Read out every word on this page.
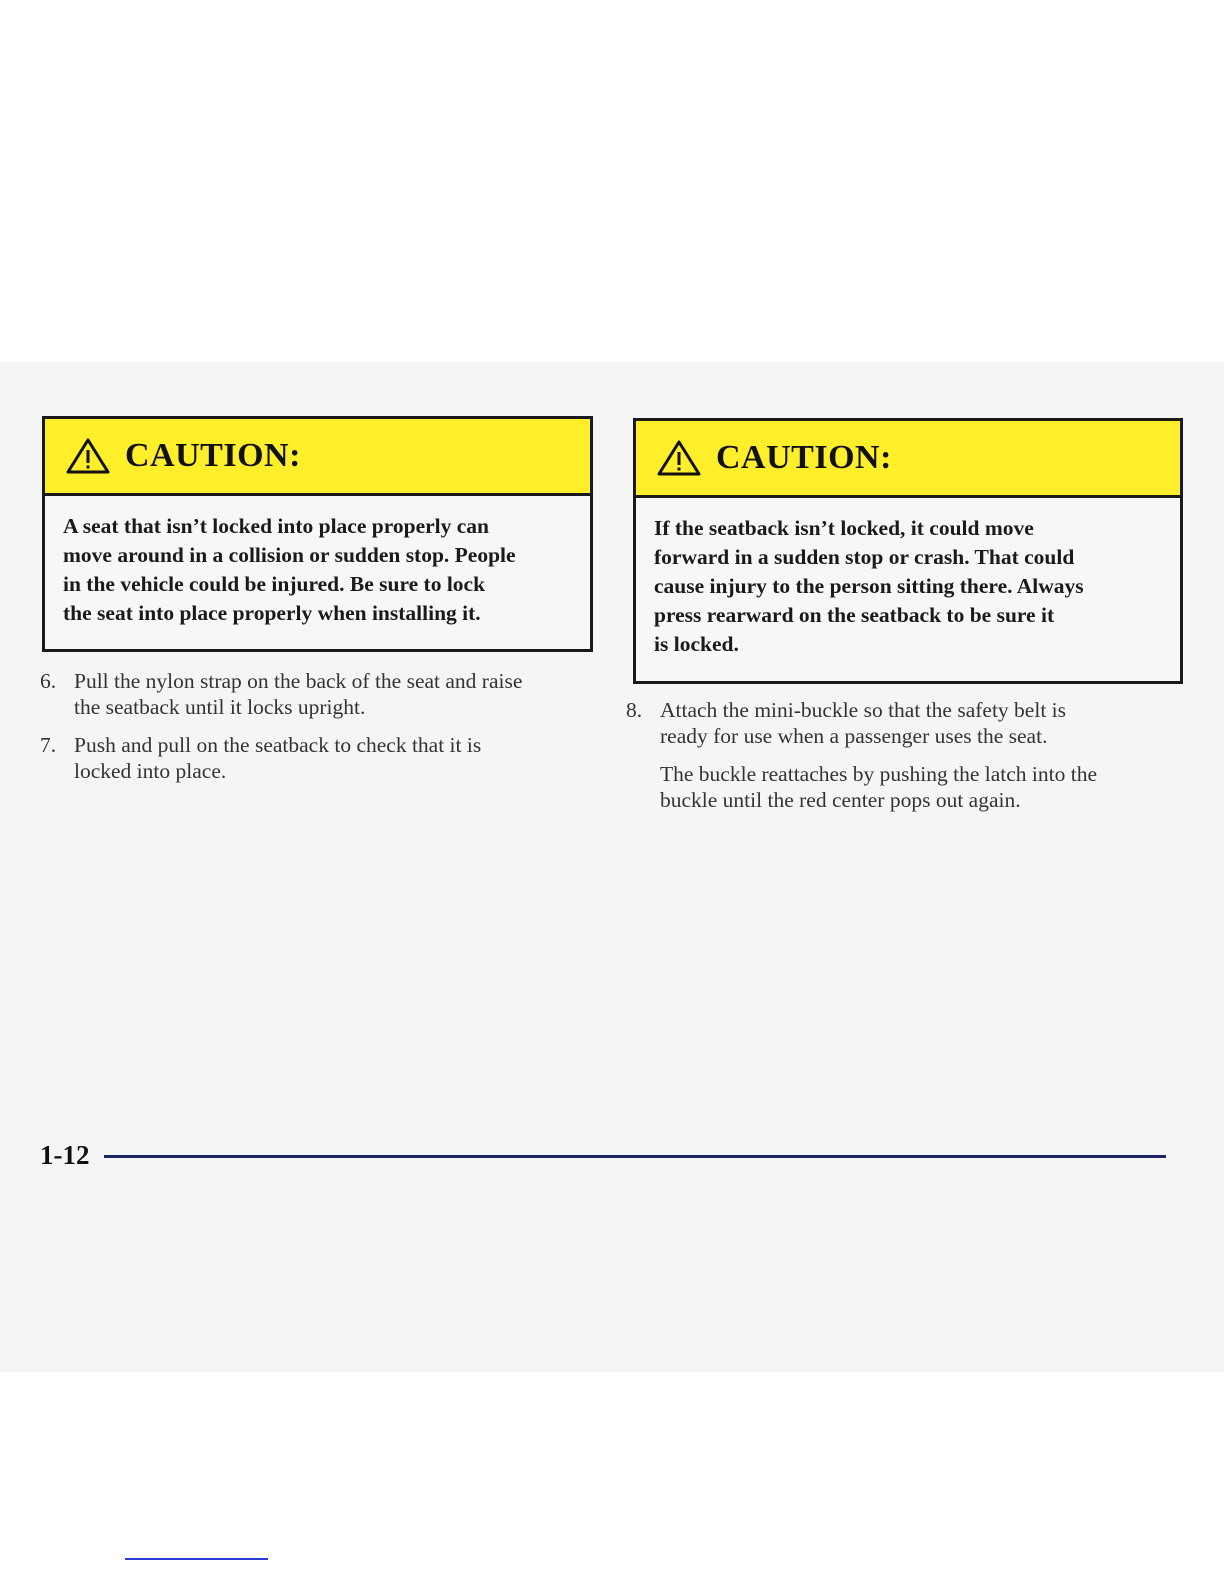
CAUTION:
A seat that isn’t locked into place properly can
move around in a collision or sudden stop. People
in the vehicle could be injured. Be sure to lock
the seat into place properly when installing it.
CAUTION:
If the seatback isn’t locked, it could move
forward in a sudden stop or crash. That could
cause injury to the person sitting there. Always
press rearward on the seatback to be sure it
is locked.
6. Pull the nylon strap on the back of the seat and raise
the seatback until it locks upright.
7. Push and pull on the seatback to check that it is
locked into place.
8. Attach the mini-buckle so that the safety belt is
ready for use when a passenger uses the seat.
The buckle reattaches by pushing the latch into the
buckle until the red center pops out again.
1-12
